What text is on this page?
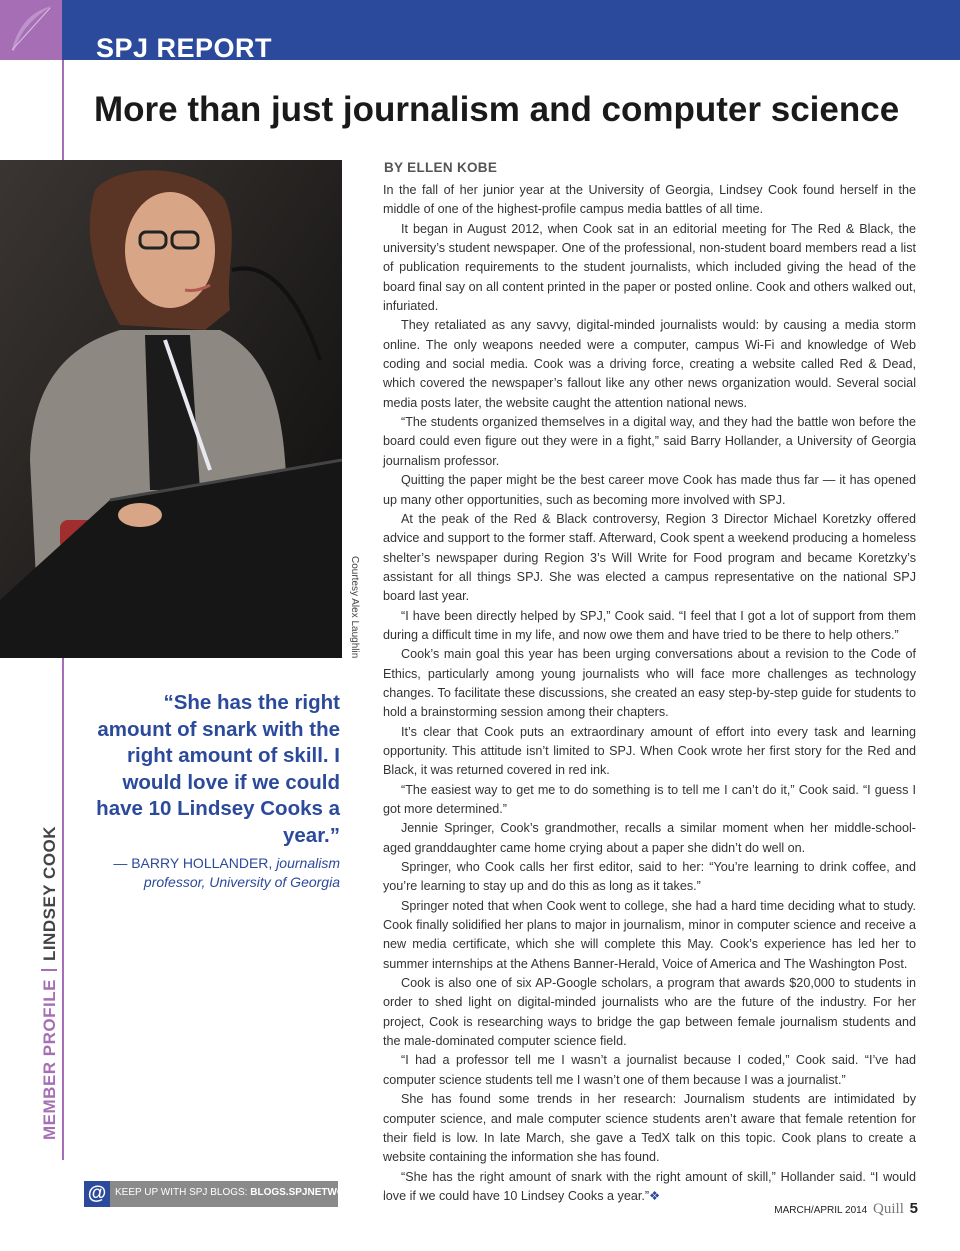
SPJ REPORT
More than just journalism and computer science
Courtesy Alex Laughlin
“She has the right amount of snark with the right amount of skill. I would love if we could have 10 Lindsey Cooks a year.”
— BARRY HOLLANDER, journalism professor, University of Georgia
MEMBER PROFILELINDSEY COOK
BY ELLEN KOBE

In the fall of her junior year at the University of Georgia, Lindsey Cook found herself in the middle of one of the highest-profile campus media battles of all time.

It began in August 2012, when Cook sat in an editorial meeting for The Red & Black, the university’s student newspaper. One of the professional, non-student board members read a list of publication requirements to the student journalists, which included giving the head of the board final say on all content printed in the paper or posted online. Cook and others walked out, infuriated.

They retaliated as any savvy, digital-minded journalists would: by causing a media storm online. The only weapons needed were a computer, campus Wi-Fi and knowledge of Web coding and social media. Cook was a driving force, creating a website called Red & Dead, which covered the newspaper’s fallout like any other news organization would. Several social media posts later, the website caught the attention national news.

“The students organized themselves in a digital way, and they had the battle won before the board could even figure out they were in a fight,” said Barry Hollander, a University of Georgia journalism professor.

Quitting the paper might be the best career move Cook has made thus far — it has opened up many other opportunities, such as becoming more involved with SPJ.

At the peak of the Red & Black controversy, Region 3 Director Michael Koretzky offered advice and support to the former staff. Afterward, Cook spent a weekend producing a homeless shelter’s newspaper during Region 3’s Will Write for Food program and became Koretzky’s assistant for all things SPJ. She was elected a campus representative on the national SPJ board last year.

“I have been directly helped by SPJ,” Cook said. “I feel that I got a lot of support from them during a difficult time in my life, and now owe them and have tried to be there to help others.”

Cook’s main goal this year has been urging conversations about a revision to the Code of Ethics, particularly among young journalists who will face more challenges as technology changes. To facilitate these discussions, she created an easy step-by-step guide for students to hold a brainstorming session among their chapters.

It’s clear that Cook puts an extraordinary amount of effort into every task and learning opportunity. This attitude isn’t limited to SPJ. When Cook wrote her first story for the Red and Black, it was returned covered in red ink.

“The easiest way to get me to do something is to tell me I can’t do it,” Cook said. “I guess I got more determined.”

Jennie Springer, Cook’s grandmother, recalls a similar moment when her middle-school-aged granddaughter came home crying about a paper she didn’t do well on.

Springer, who Cook calls her first editor, said to her: “You’re learning to drink coffee, and you’re learning to stay up and do this as long as it takes.”

Springer noted that when Cook went to college, she had a hard time deciding what to study. Cook finally solidified her plans to major in journalism, minor in computer science and receive a new media certificate, which she will complete this May. Cook’s experience has led her to summer internships at the Athens Banner-Herald, Voice of America and The Washington Post.

Cook is also one of six AP-Google scholars, a program that awards $20,000 to students in order to shed light on digital-minded journalists who are the future of the industry. For her project, Cook is researching ways to bridge the gap between female journalism students and the male-dominated computer science field.

“I had a professor tell me I wasn’t a journalist because I coded,” Cook said. “I’ve had computer science students tell me I wasn’t one of them because I was a journalist.”

She has found some trends in her research: Journalism students are intimidated by computer science, and male computer science students aren’t aware that female retention for their field is low. In late March, she gave a TedX talk on this topic. Cook plans to create a website containing the information she has found.

“She has the right amount of snark with the right amount of skill,” Hollander said. “I would love if we could have 10 Lindsey Cooks a year.”❖

@ KEEP UP WITH SPJ BLOGS: BLOGS.SPJNETWORK.ORG
MARCH/APRIL 2014 Quill 5
